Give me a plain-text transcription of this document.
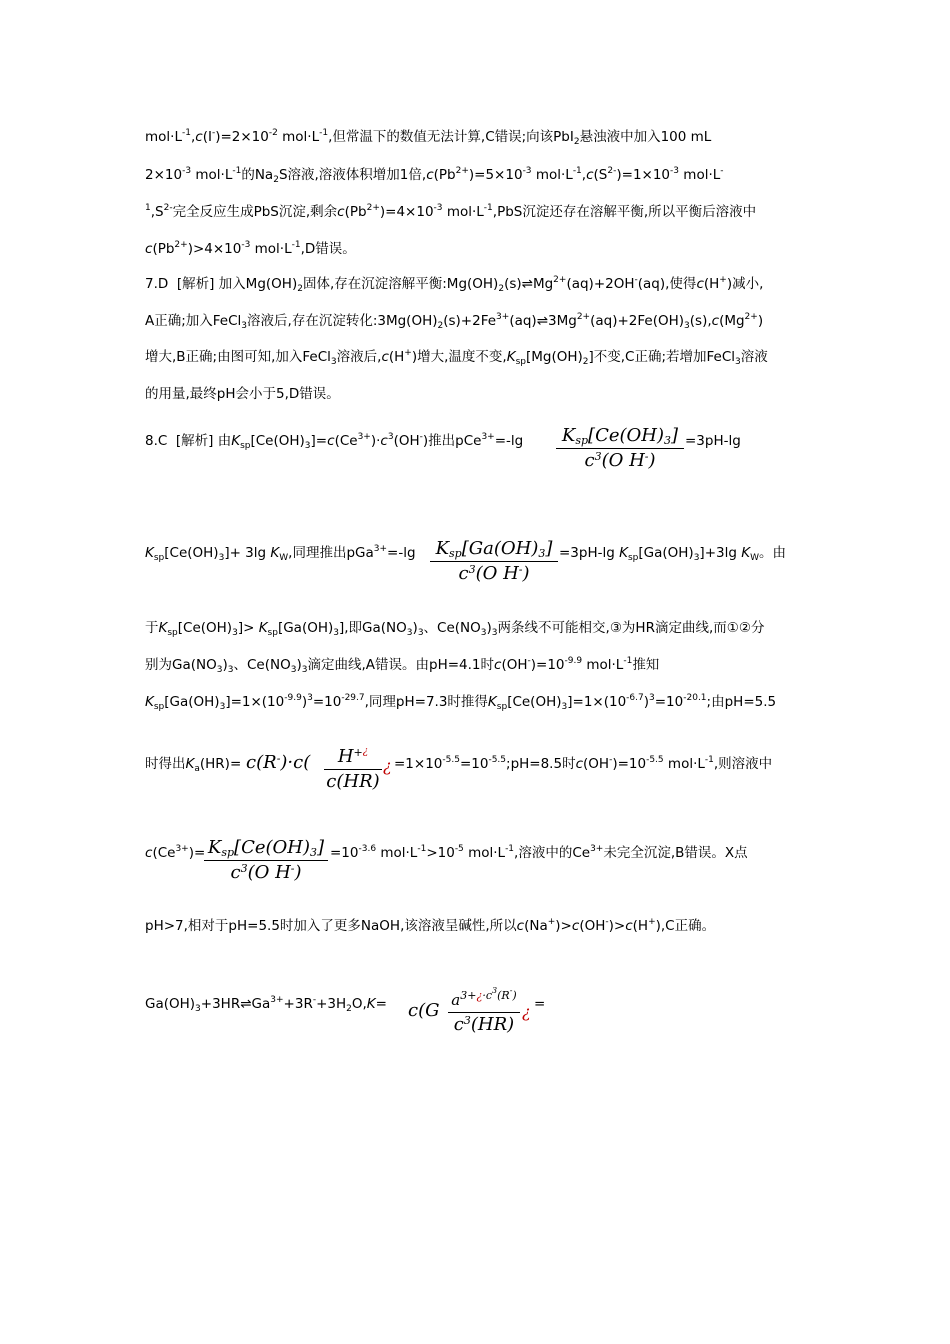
$mol\cdot L^{-1},c(I^-)=2\times 10^{-2}$ $mol\cdot L^{-1}$,但常温下的数值无法计算,C错误;向该PbI$_2$悬浊液中加入100 mL
$2\times 10^{-3}$ $mol\cdot L^{-1}$的$Na_2S$溶液,溶液体积增加1倍$,c(Pb^{2+})=5\times 10^{-3}$ $mol\cdot L^{-1},c(S^{2-})=1\times 10^{-3}$ mol·L-
$^1,S^{2-}$完全反应生成PbS沉淀,剩余$c(Pb^{2+})=4\times 10^{-3}$ $mol\cdot L^{-1},PbS$沉淀还存在溶解平衡,所以平衡后溶液中
$c(Pb^{2+})>4\times 10^{-3}$ $mol\cdot L^{-1},D$错误。
7.D  [解析] 加入$Mg(OH)_2$固体,存在沉淀溶解平衡$:Mg(OH)_2(s)\rightleftharpoons Mg^{2+}(aq)+2OH^-(aq)$,使得c(H+)减小,
A正确;加入FeCl$_3$溶液后,存在沉淀转化$:3Mg(OH)_2(s)+2Fe^{3+}(aq)\rightleftharpoons 3Mg^{2+}(aq)+2Fe(OH)_3(s),c(Mg^{2+})$
增大,B正确;由图可知,加入FeCl$_3$溶液后,c(H+)增大,温度不变$,K_{sp}[Mg(OH)_2]$不变,C正确;若增加FeCl$_3$溶液
的用量,最终pH会小于5,D错误。
8.C  [解析] 由$K_{sp}[Ce(OH)_3]=c(Ce^{3+})\cdot c^3(OH^-)$推出pCe$^{3+}$=-lg	$K_{sp}[Ce(OH)_3]$
$c^3(O$ H-)
=3pH-lg
$K_{sp}[Ce(OH)_3]+ 3\lg$ $K_W$,同理推出pGa$^{3+}$=-lg	$K_{sp}[Ga(OH)_3]$
$c^3(O$ H-)
=3pH-lg $K_{sp}[Ga(OH)_3]+3\lg$ $K_W$。由
于$K_{sp}[Ce(OH)_3]> K_{sp}[Ga(OH)_3]$,即$Ga(NO_3)_3$、$Ce(NO_3)_3$两条线不可能相交,③为HR滴定曲线,而①②分
别为$Ga(NO_3)_3$、$Ce(NO_3)_3$滴定曲线,A错误。由pH=4.1时$c(OH^-)=10^{-9.9}$ $mol\cdot L^{-1}$推知
$K_{sp}[Ga(OH)_3]=1\times(10^{-9.9})^3=10^{-29.7}$,同理pH=7.3时推得$K_{sp}[Ce(OH)_3]=1\times(10^{-6.7})^3=10^{-20.1}$;由pH=5.5
时得出$K_a(HR)= c(R^-)\cdot c$(	H+¿
c(HR)
¿ $=1\times 10^{-5.5}=10^{-5.5};pH=8.5$时$c(OH^-)=10^{-5.5}$ $mol\cdot L^{-1}$,则溶液中
$c(Ce^{3+})= K_{sp}[Ce(OH)_3]$
$c^3(O$ H-)
$=10^{-3.6}$ $mol\cdot L^{-1}>10^{-5}$ $mol\cdot L^{-1}$,溶液中的$Ce^{3+}$未完全沉淀,B错误。X点
pH>7,相对于pH=5.5时加入了更多NaOH,该溶液呈碱性,所以c(Na+)>c(OH-)>c(H+),C正确。
$Ga(OH)_3+3HR\rightleftharpoons Ga^{3+}+3R^-+3H_2O,K= c(G$ $a^{3+¿\cdot c^3(R^-)}$
$c^3(HR)$
¿ =
